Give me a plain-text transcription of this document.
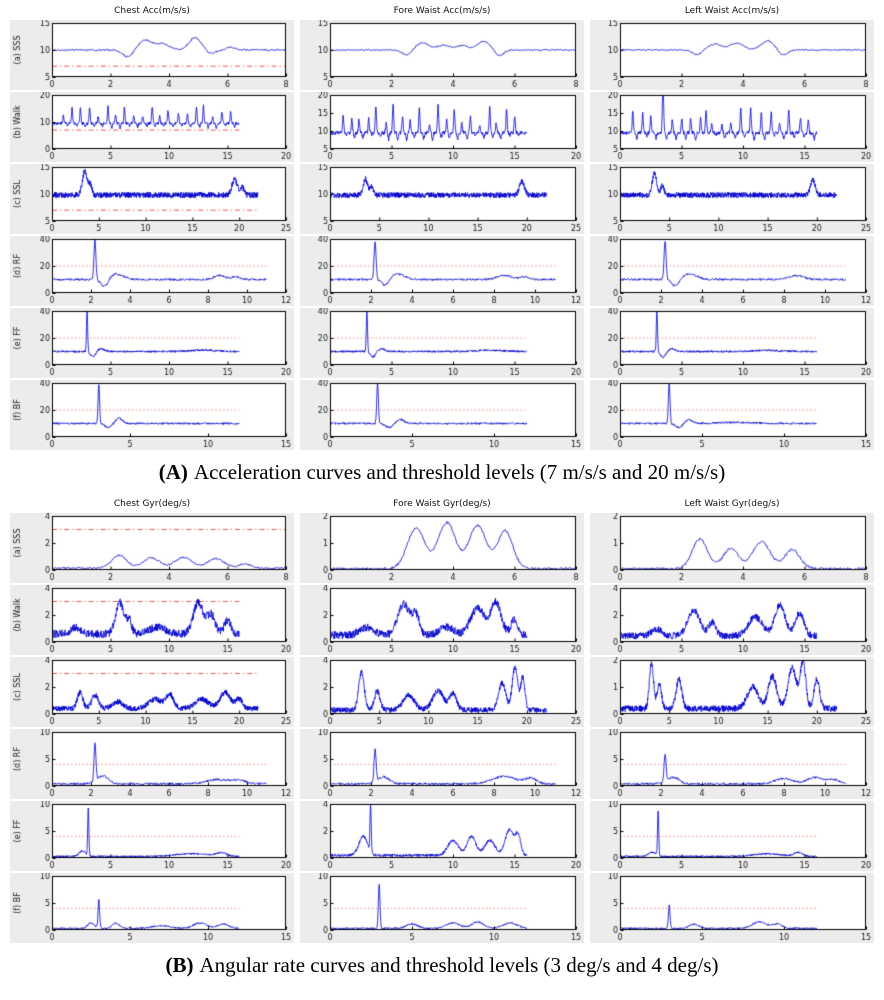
Chest Acc(m/s/s)	Fore Waist Acc(m/s/s)	Left Waist Acc(m/s/s)
(A) Acceleration curves and threshold levels (7 m/s/s and 20 m/s/s)
Chest Gyr(deg/s)	Fore Waist Gyr(deg/s)	Left Waist Gyr(deg/s)
(B) Angular rate curves and threshold levels (3 deg/s and 4 deg/s)
